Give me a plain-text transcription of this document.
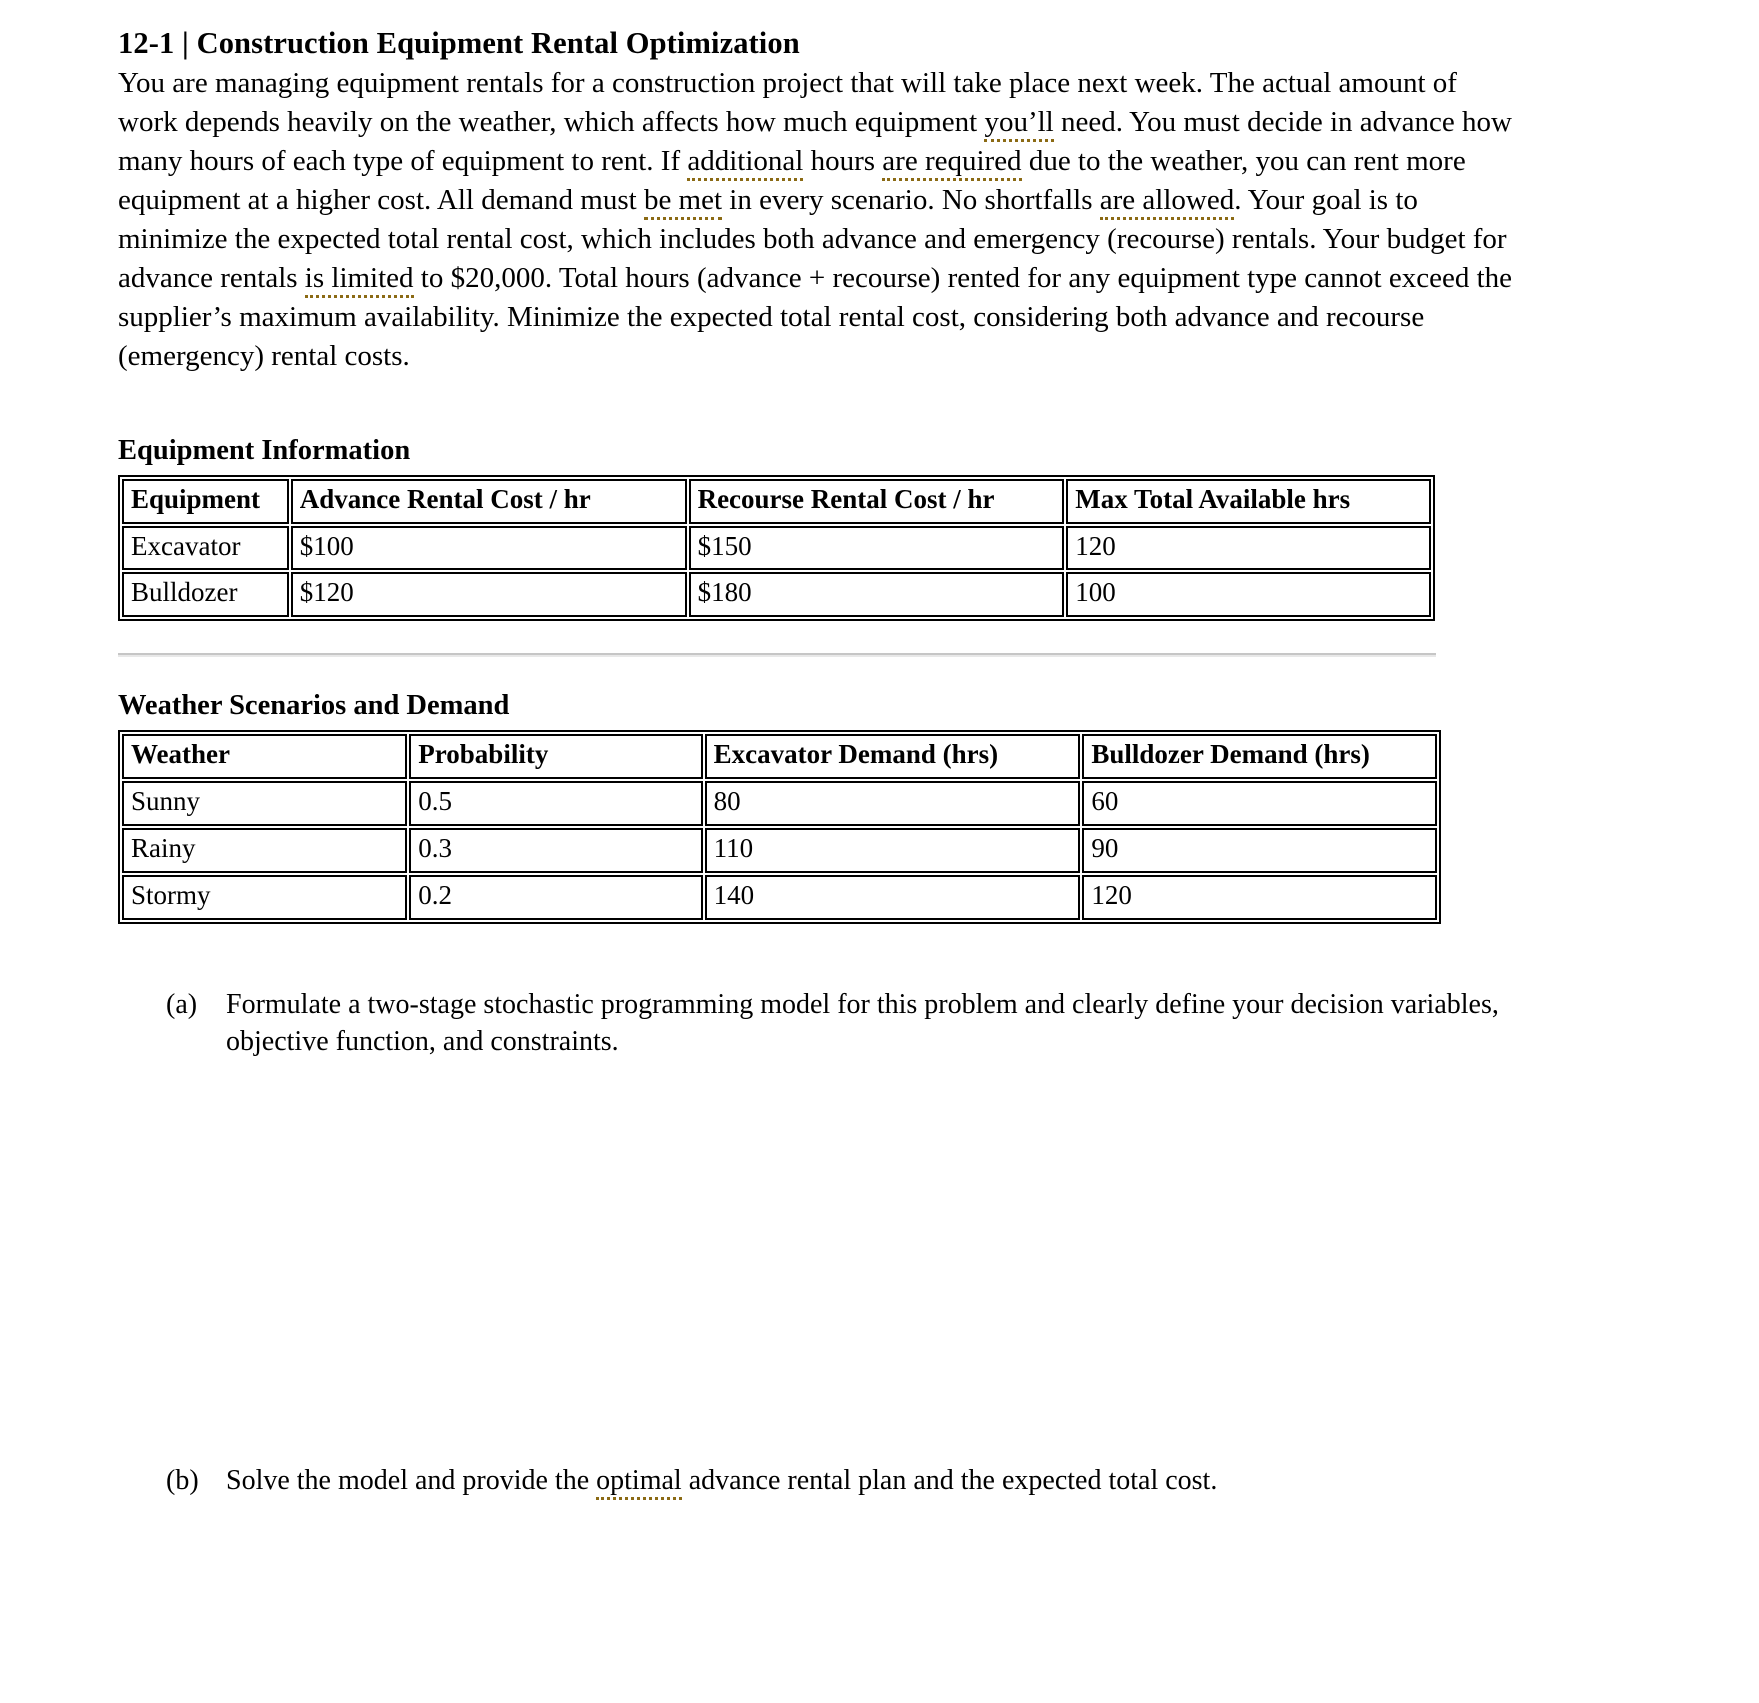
12-1 | Construction Equipment Rental Optimization

You are managing equipment rentals for a construction project that will take place next week. The actual amount of work depends heavily on the weather, which affects how much equipment you’ll need. You must decide in advance how many hours of each type of equipment to rent. If additional hours are required due to the weather, you can rent more equipment at a higher cost. All demand must be met in every scenario. No shortfalls are allowed. Your goal is to minimize the expected total rental cost, which includes both advance and emergency (recourse) rentals. Your budget for advance rentals is limited to $20,000. Total hours (advance + recourse) rented for any equipment type cannot exceed the supplier’s maximum availability. Minimize the expected total rental cost, considering both advance and recourse (emergency) rental costs.

Equipment Information
Equipment	Advance Rental Cost / hr	Recourse Rental Cost / hr	Max Total Available hrs
Excavator	$100	$150	120
Bulldozer	$120	$180	100
Weather Scenarios and Demand
Weather	Probability	Excavator Demand (hrs)	Bulldozer Demand (hrs)
Sunny	0.5	80	60
Rainy	0.3	110	90
Stormy	0.2	140	120
(a)	Formulate a two-stage stochastic programming model for this problem and clearly define your decision variables, objective function, and constraints.
(b) Solve the model and provide the optimal advance rental plan and the expected total cost.
